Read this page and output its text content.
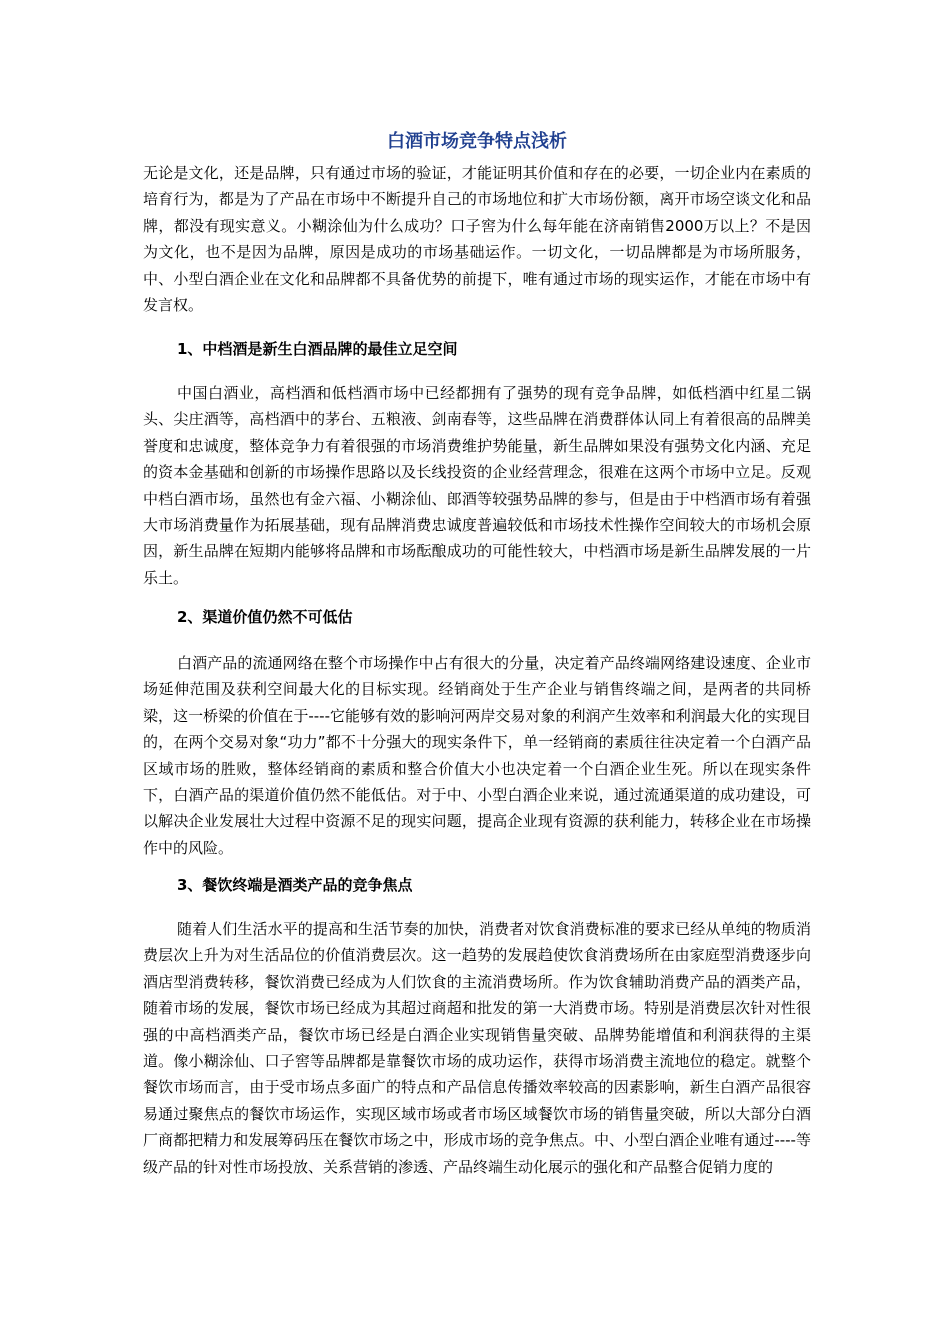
白酒市场竞争特点浅析

无论是文化，还是品牌，只有通过市场的验证，才能证明其价值和存在的必要，一切企业内在素质的培育行为，都是为了产品在市场中不断提升自己的市场地位和扩大市场份额，离开市场空谈文化和品牌，都没有现实意义。小糊涂仙为什么成功？口子窖为什么每年能在济南销售2000万以上？不是因为文化，也不是因为品牌，原因是成功的市场基础运作。一切文化，一切品牌都是为市场所服务，中、小型白酒企业在文化和品牌都不具备优势的前提下，唯有通过市场的现实运作，才能在市场中有发言权。

1、中档酒是新生白酒品牌的最佳立足空间

中国白酒业，高档酒和低档酒市场中已经都拥有了强势的现有竞争品牌，如低档酒中红星二锅头、尖庄酒等，高档酒中的茅台、五粮液、剑南春等，这些品牌在消费群体认同上有着很高的品牌美誉度和忠诚度，整体竞争力有着很强的市场消费维护势能量，新生品牌如果没有强势文化内涵、充足的资本金基础和创新的市场操作思路以及长线投资的企业经营理念，很难在这两个市场中立足。反观中档白酒市场，虽然也有金六福、小糊涂仙、郎酒等较强势品牌的参与，但是由于中档酒市场有着强大市场消费量作为拓展基础，现有品牌消费忠诚度普遍较低和市场技术性操作空间较大的市场机会原因，新生品牌在短期内能够将品牌和市场酝酿成功的可能性较大，中档酒市场是新生品牌发展的一片乐土。

2、渠道价值仍然不可低估

白酒产品的流通网络在整个市场操作中占有很大的分量，决定着产品终端网络建设速度、企业市场延伸范围及获利空间最大化的目标实现。经销商处于生产企业与销售终端之间，是两者的共同桥梁，这一桥梁的价值在于----它能够有效的影响河两岸交易对象的利润产生效率和利润最大化的实现目的，在两个交易对象“功力”都不十分强大的现实条件下，单一经销商的素质往往决定着一个白酒产品区域市场的胜败，整体经销商的素质和整合价值大小也决定着一个白酒企业生死。所以在现实条件下，白酒产品的渠道价值仍然不能低估。对于中、小型白酒企业来说，通过流通渠道的成功建设，可以解决企业发展壮大过程中资源不足的现实问题，提高企业现有资源的获利能力，转移企业在市场操作中的风险。

3、餐饮终端是酒类产品的竞争焦点

随着人们生活水平的提高和生活节奏的加快，消费者对饮食消费标准的要求已经从单纯的物质消费层次上升为对生活品位的价值消费层次。这一趋势的发展趋使饮食消费场所在由家庭型消费逐步向酒店型消费转移，餐饮消费已经成为人们饮食的主流消费场所。作为饮食辅助消费产品的酒类产品，随着市场的发展，餐饮市场已经成为其超过商超和批发的第一大消费市场。特别是消费层次针对性很强的中高档酒类产品，餐饮市场已经是白酒企业实现销售量突破、品牌势能增值和利润获得的主渠道。像小糊涂仙、口子窖等品牌都是靠餐饮市场的成功运作，获得市场消费主流地位的稳定。就整个餐饮市场而言，由于受市场点多面广的特点和产品信息传播效率较高的因素影响，新生白酒产品很容易通过聚焦点的餐饮市场运作，实现区域市场或者市场区域餐饮市场的销售量突破，所以大部分白酒厂商都把精力和发展筹码压在餐饮市场之中，形成市场的竞争焦点。中、小型白酒企业唯有通过----等级产品的针对性市场投放、关系营销的渗透、产品终端生动化展示的强化和产品整合促销力度的
